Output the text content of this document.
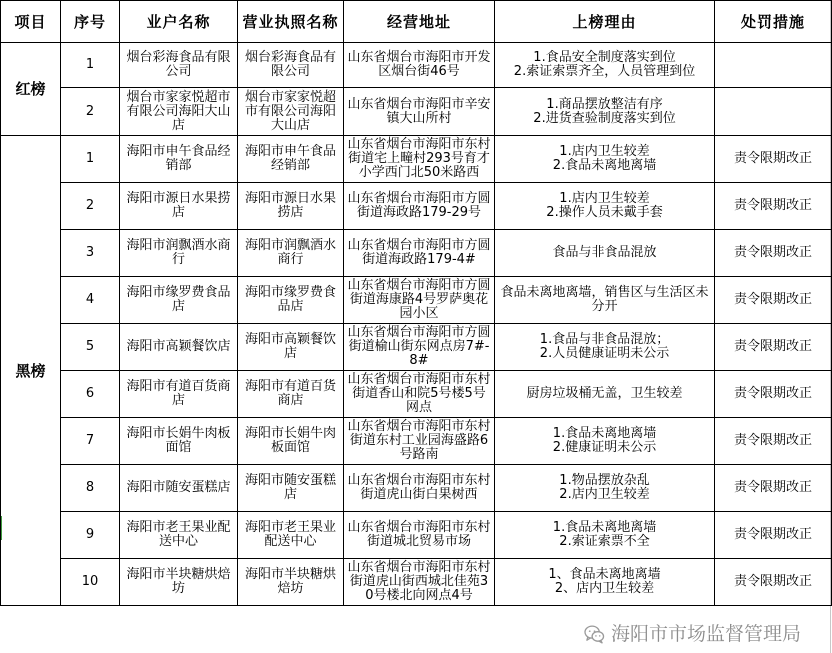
项目	序号	业户名称	营业执照名称	经营地址	上榜理由	处罚措施
红榜	1	烟台彩海食品有限公司	烟台彩海食品有限公司	山东省烟台市海阳市开发区烟台街46号	1.食品安全制度落实到位
2.索证索票齐全，人员管理到位	

	2	烟台市家家悦超市有限公司海阳大山店	烟台市家家悦超市有限公司海阳大山店	山东省烟台市海阳市辛安镇大山所村	1.商品摆放整洁有序
2.进货查验制度落实到位	

黑榜	1	海阳市申午食品经销部	海阳市申午食品经销部	山东省烟台市海阳市东村街道宅上疃村293号育才小学西门北50米路西	1.店内卫生较差
2.食品未离地离墙	责令限期改正
	2	海阳市源日水果捞店	海阳市源日水果捞店	山东省烟台市海阳市方圆街道海政路179-29号	1.店内卫生较差
2.操作人员未戴手套	责令限期改正
	3	海阳市润飘酒水商行	海阳市润飘酒水商行	山东省烟台市海阳市方圆街道海政路179-4#	食品与非食品混放	责令限期改正
	4	海阳市缘罗费食品店	海阳市缘罗费食品店	山东省烟台市海阳市方圆街道海康路4号罗萨奥花园小区	食品未离地离墙，销售区与生活区未分开	责令限期改正
	5	海阳市高颖餐饮店	海阳市高颖餐饮店	山东省烟台市海阳市方圆街道榆山街东网点房7#-8#	1.食品与非食品混放；
2.人员健康证明未公示	责令限期改正
	6	海阳市有道百货商店	海阳市有道百货商店	山东省烟台市海阳市东村街道香山和院5号楼5号网点	厨房垃圾桶无盖，卫生较差	责令限期改正
	7	海阳市长娟牛肉板面馆	海阳市长娟牛肉板面馆	山东省烟台市海阳市东村街道东村工业园海盛路6号路南	1.食品未离地离墙
2.健康证明未公示	责令限期改正
	8	海阳市随安蛋糕店	海阳市随安蛋糕店	山东省烟台市海阳市东村街道虎山街白果树西	1.物品摆放杂乱
2.店内卫生较差	责令限期改正
	9	海阳市老王果业配送中心	海阳市老王果业配送中心	山东省烟台市海阳市东村街道城北贸易市场	1.食品未离地离墙
2.索证索票不全	责令限期改正
	10	海阳市半块糖烘焙坊	海阳市半块糖烘焙坊	山东省烟台市海阳市东村街道虎山街西城北佳苑30号楼北向网点4号	1、食品未离地离墙
2、店内卫生较差	责令限期改正
海阳市市场监督管理局
